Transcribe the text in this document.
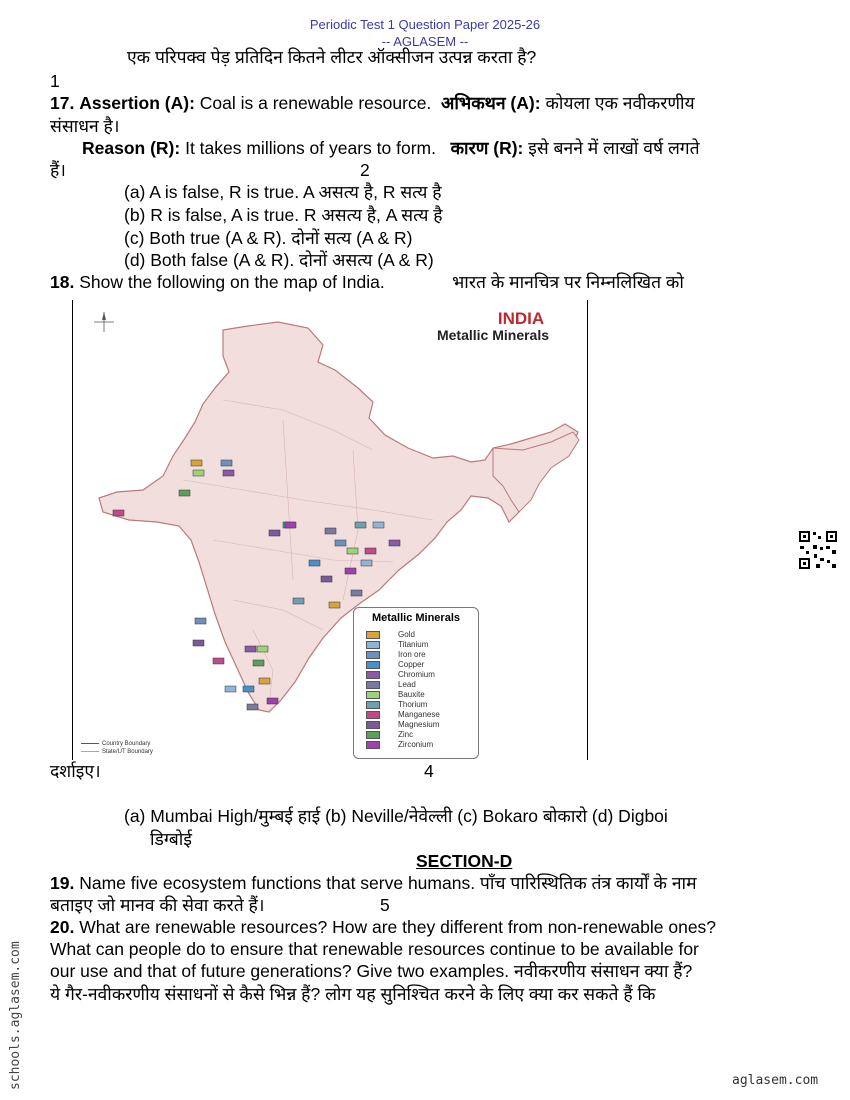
Periodic Test 1 Question Paper 2025-26
-- AGLASEM --
एक परिपक्व पेड़ प्रतिदिन कितने लीटर ऑक्सीजन उत्पन्न करता है?
1
17. Assertion (A): Coal is a renewable resource. अभिकथन (A): कोयला एक नवीकरणीय
संसाधन है।
Reason (R): It takes millions of years to form. कारण (R): इसे बनने में लाखों वर्ष लगते
हैं।	2
(a) A is false, R is true. A असत्य है, R सत्य है
(b) R is false, A is true. R असत्य है, A सत्य है
(c) Both true (A & R). दोनों सत्य (A & R)
(d) Both false (A & R). दोनों असत्य (A & R)
18. Show the following on the map of India.	भारत के मानचित्र पर निम्नलिखित को
INDIA
Metallic Minerals
Metallic Minerals
Gold
Titanium
Iron ore
Copper
Chromium
Lead
Bauxite
Thorium
Manganese
Magnesium
Zinc
Zirconium
Country Boundary
State/UT Boundary
दर्शाइए।	4
(a) Mumbai High/मुम्बई हाई (b) Neville/नेवेल्ली (c) Bokaro बोकारो (d) Digboi
डिग्बोई
SECTION-D
19. Name five ecosystem functions that serve humans. पाँच पारिस्थितिक तंत्र कार्यों के नाम
बताइए जो मानव की सेवा करते हैं।	5
20. What are renewable resources? How are they different from non-renewable ones?
What can people do to ensure that renewable resources continue to be available for
our use and that of future generations? Give two examples. नवीकरणीय संसाधन क्या हैं?
ये गैर-नवीकरणीय संसाधनों से कैसे भिन्न हैं? लोग यह सुनिश्चित करने के लिए क्या कर सकते हैं कि
schools.aglasem.com	aglasem.com
